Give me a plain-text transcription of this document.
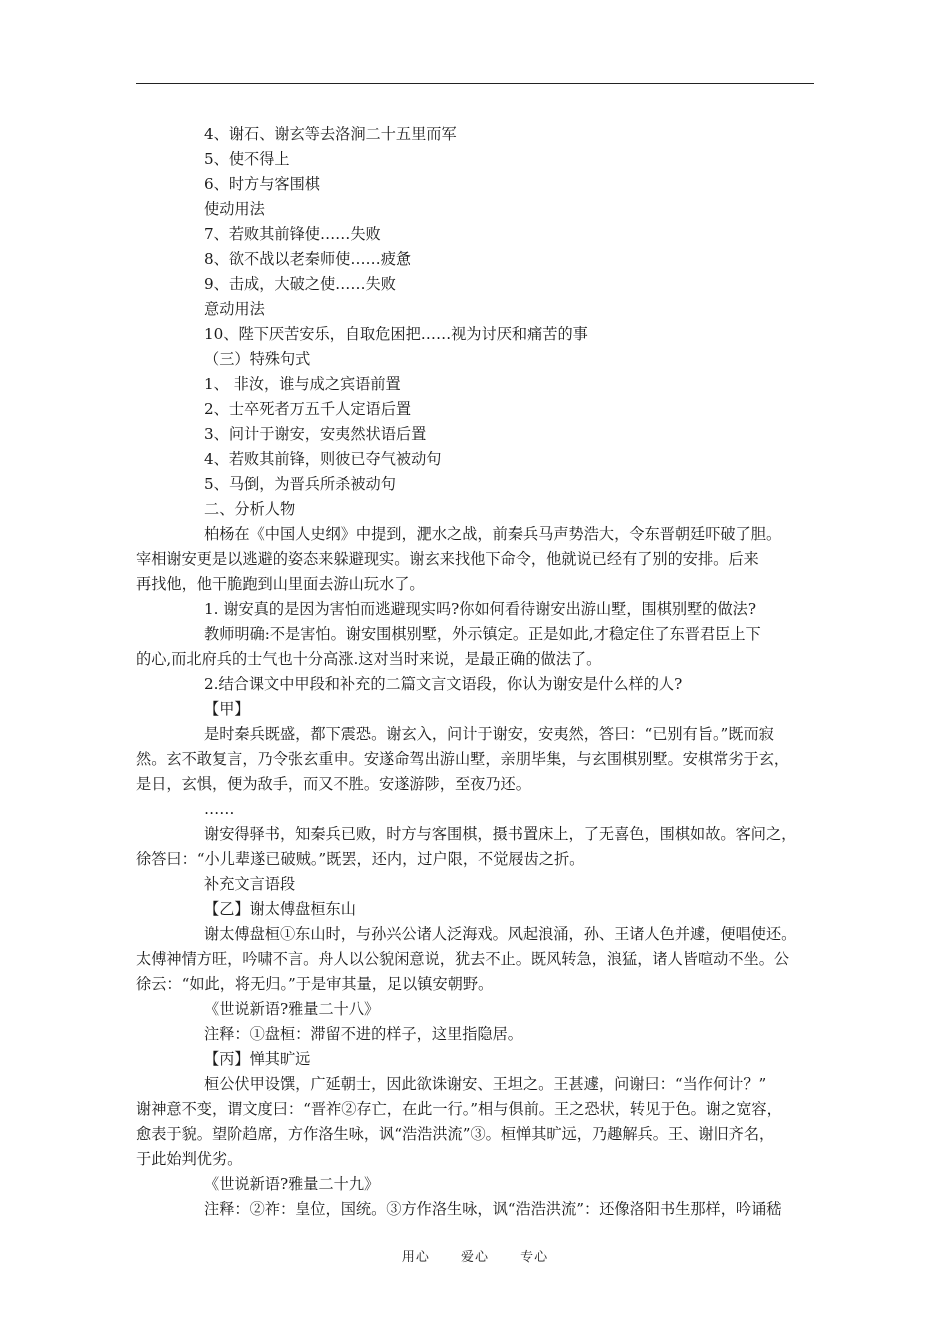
4、谢石、谢玄等去洛涧二十五里而军
5、使不得上
6、时方与客围棋
使动用法
7、若败其前锋使……失败
8、欲不战以老秦师使……疲惫
9、击成，大破之使……失败
意动用法
10、陛下厌苦安乐，自取危困把……视为讨厌和痛苦的事
（三）特殊句式
1、 非汝，谁与成之宾语前置
2、士卒死者万五千人定语后置
3、问计于谢安，安夷然状语后置
4、若败其前锋，则彼已夺气被动句
5、马倒，为晋兵所杀被动句
二、分析人物
柏杨在《中国人史纲》中提到，淝水之战，前秦兵马声势浩大，令东晋朝廷吓破了胆。
宰相谢安更是以逃避的姿态来躲避现实。谢玄来找他下命令，他就说已经有了别的安排。后来
再找他，他干脆跑到山里面去游山玩水了。
1. 谢安真的是因为害怕而逃避现实吗?你如何看待谢安出游山墅，围棋别墅的做法?
教师明确:不是害怕。谢安围棋别墅，外示镇定。正是如此,才稳定住了东晋君臣上下
的心,而北府兵的士气也十分高涨.这对当时来说，是最正确的做法了。
2.结合课文中甲段和补充的二篇文言文语段，你认为谢安是什么样的人?
【甲】
是时秦兵既盛，都下震恐。谢玄入，问计于谢安，安夷然，答曰：“已别有旨。”既而寂
然。玄不敢复言，乃令张玄重申。安遂命驾出游山墅，亲朋毕集，与玄围棋别墅。安棋常劣于玄，
是日，玄惧，便为敌手，而又不胜。安遂游陟，至夜乃还。
……
谢安得驿书，知秦兵已败，时方与客围棋，摄书置床上，了无喜色，围棋如故。客问之，
徐答曰：“小儿辈遂已破贼。”既罢，还内，过户限，不觉屐齿之折。
补充文言语段
【乙】谢太傅盘桓东山
谢太傅盘桓①东山时，与孙兴公诸人泛海戏。风起浪涌，孙、王诸人色并遽，便唱使还。
太傅神情方旺，吟啸不言。舟人以公貌闲意说，犹去不止。既风转急，浪猛，诸人皆喧动不坐。公
徐云：“如此，将无归。”于是审其量，足以镇安朝野。
《世说新语?雅量二十八》
注释：①盘桓：滞留不进的样子，这里指隐居。
【丙】惮其旷远
桓公伏甲设馔，广延朝士，因此欲诛谢安、王坦之。王甚遽，问谢曰：“当作何计？”
谢神意不变，谓文度曰：“晋祚②存亡，在此一行。”相与俱前。王之恐状，转见于色。谢之宽容，
愈表于貌。望阶趋席，方作洛生咏，讽“浩浩洪流”③。桓惮其旷远，乃趣解兵。王、谢旧齐名，
于此始判优劣。
《世说新语?雅量二十九》
注释：②祚：皇位，国统。③方作洛生咏，讽“浩浩洪流”：还像洛阳书生那样，吟诵嵇
用心 爱心 专心
